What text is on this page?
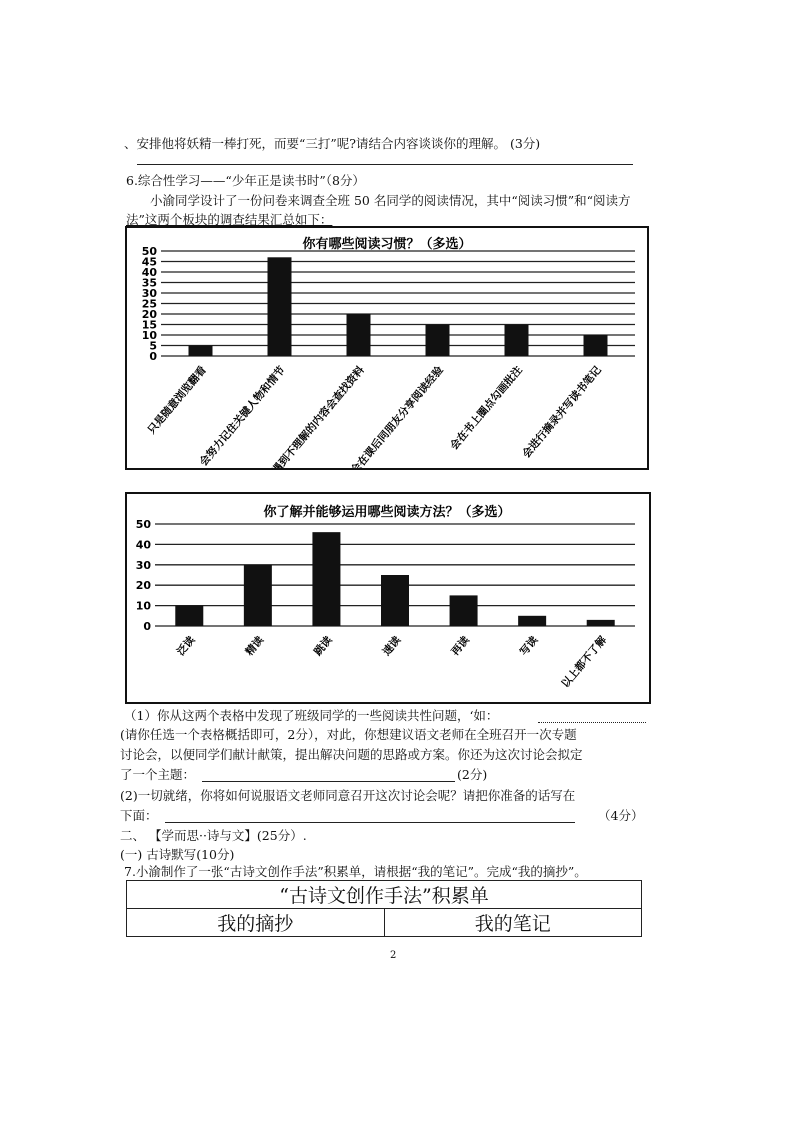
、安排他将妖精一棒打死，而要“三打”呢?请结合内容谈谈你的理解。 (3分)
6.综合性学习——“少年正是读书时”（8分）
小渝同学设计了一份问卷来调查全班 50 名同学的阅读情况，其中“阅读习惯”和“阅读方
法”这两个板块的调查结果汇总如下：
你有哪些阅读习惯？（多选）
0
5
10
15
20
25
30
35
40
45
50
只是随意浏览翻看
会努力记住关键人物和情节
遇到不理解的内容会查找资料
会在课后同朋友分享阅读经验 会在书上圈点勾画批注
会进行摘录并写读书笔记
你了解并能够运用哪些阅读方法？（多选）
0
10
20
30
40
50
泛读	精读	跳读	速读	再读	写读 以上都不了解
（1）你从这两个表格中发现了班级同学的一些阅读共性问题，‘如：
(请你任选一个表格概括即可，2分），对此，你想建议语文老师在全班召开一次专题
讨论会，以便同学们献计献策，提出解决问题的思路或方案。你还为这次讨论会拟定
了一个主题：	(2分)
(2)一切就绪，你将如何说服语文老师同意召开这次讨论会呢？请把你准备的话写在
下面：	（4分）
二、 【学而思··诗与文】(25分）.
(一) 古诗默写(10分)
7.小渝制作了一张“古诗文创作手法”积累单，请根据“我的笔记”。完成“我的摘抄”。
“古诗文创作手法”积累单
我的摘抄	我的笔记
2
